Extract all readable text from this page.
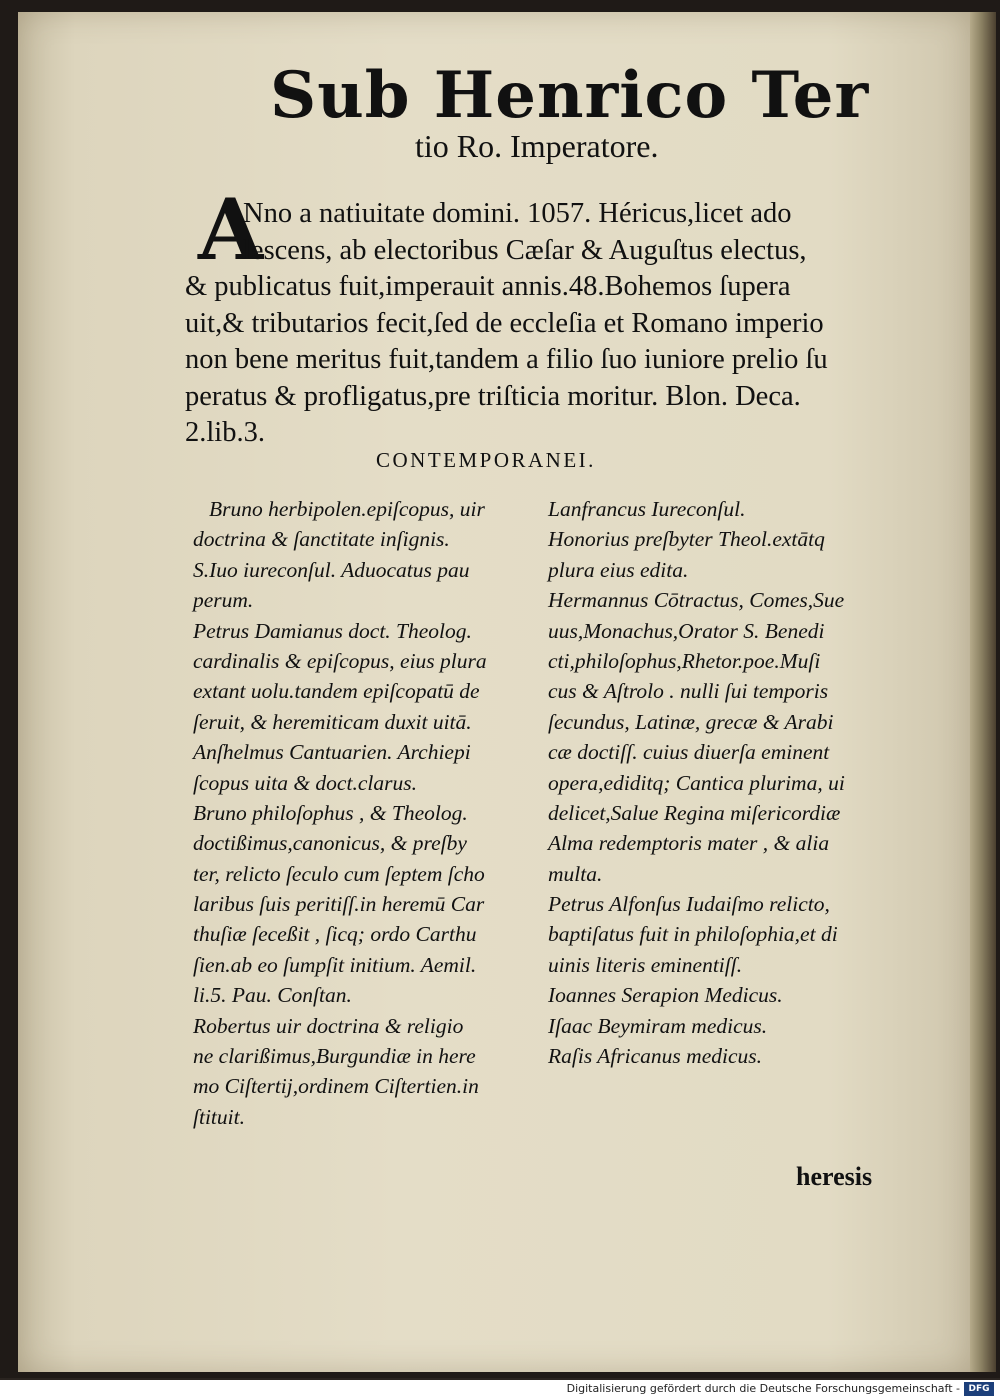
Sub Henrico Ter
tio Ro. Imperatore.
A
Nno a natiuitate domini. 1057. Héricus,licet ado
lescens, ab electoribus Cæſar & Auguſtus electus,
& publicatus fuit,imperauit annis.48.Bohemos ſupera
uit,& tributarios fecit,ſed de eccleſia et Romano imperio
non bene meritus fuit,tandem a filio ſuo iuniore prelio ſu
peratus & profligatus,pre triſticia moritur. Blon. Deca.
2.lib.3.
CONTEMPORANEI.
Bruno herbipolen.epiſcopus, uir
doctrina & ſanctitate inſignis.
S.Iuo iureconſul. Aduocatus pau
perum.
Petrus Damianus doct. Theolog.
cardinalis & epiſcopus, eius plura
extant uolu.tandem epiſcopatū de
ſeruit, & heremiticam duxit uitā.
Anſhelmus Cantuarien. Archiepi
ſcopus uita & doct.clarus.
Bruno philoſophus , & Theolog.
doctißimus,canonicus, & preſby
ter, relicto ſeculo cum ſeptem ſcho
laribus ſuis peritiſſ.in heremū Car
thuſiæ ſeceßit , ſicq; ordo Carthu
ſien.ab eo ſumpſit initium. Aemil.
li.5. Pau. Conſtan.
Robertus uir doctrina & religio
ne clarißimus,Burgundiæ in here
mo Ciſtertij,ordinem Ciſtertien.in
ſtituit.
Lanfrancus Iureconſul.
Honorius preſbyter Theol.extātq
plura eius edita.
Hermannus Cōtractus, Comes,Sue
uus,Monachus,Orator S. Benedi
cti,philoſophus,Rhetor.poe.Muſi
cus & Aſtrolo . nulli ſui temporis
ſecundus, Latinæ, grecæ & Arabi
cæ doctiſſ. cuius diuerſa eminent
opera,ediditq; Cantica plurima, ui
delicet,Salue Regina miſericordiæ
Alma redemptoris mater , & alia
multa.
Petrus Alfonſus Iudaiſmo relicto,
baptiſatus fuit in philoſophia,et di
uinis literis eminentiſſ.
Ioannes Serapion Medicus.
Iſaac Beymiram medicus.
Raſis Africanus medicus.
heresis
Digitalisierung gefördert durch die Deutsche Forschungsgemeinschaft - DFG
